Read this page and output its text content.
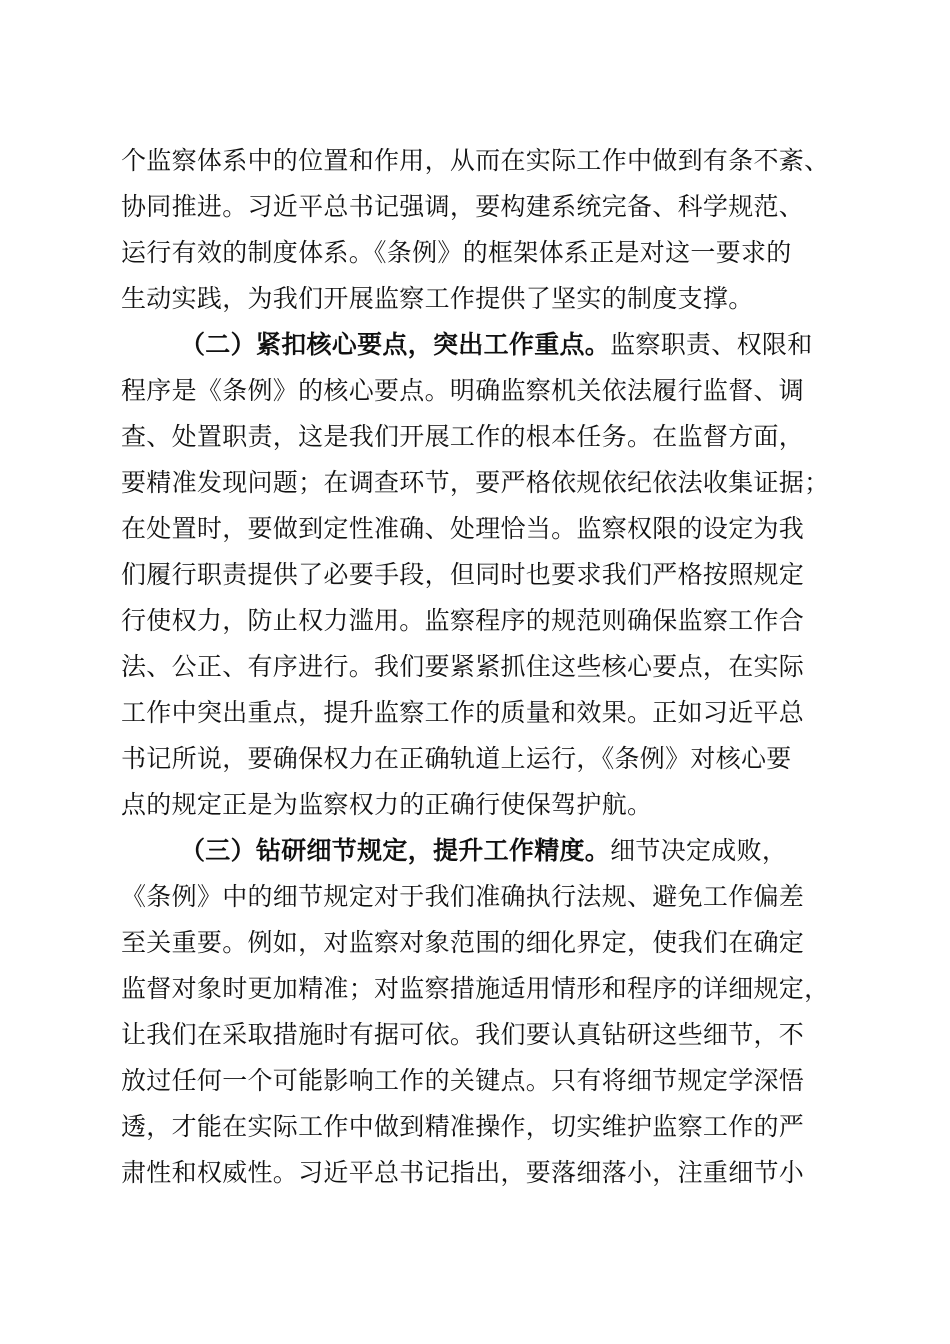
个监察体系中的位置和作用，从而在实际工作中做到有条不紊、
协同推进。习近平总书记强调，要构建系统完备、科学规范、
运行有效的制度体系。《条例》的框架体系正是对这一要求的
生动实践，为我们开展监察工作提供了坚实的制度支撑。
（二）紧扣核心要点，突出工作重点。监察职责、权限和
程序是《条例》的核心要点。明确监察机关依法履行监督、调
查、处置职责，这是我们开展工作的根本任务。在监督方面，
要精准发现问题；在调查环节，要严格依规依纪依法收集证据；
在处置时，要做到定性准确、处理恰当。监察权限的设定为我
们履行职责提供了必要手段，但同时也要求我们严格按照规定
行使权力，防止权力滥用。监察程序的规范则确保监察工作合
法、公正、有序进行。我们要紧紧抓住这些核心要点，在实际
工作中突出重点，提升监察工作的质量和效果。正如习近平总
书记所说，要确保权力在正确轨道上运行，《条例》对核心要
点的规定正是为监察权力的正确行使保驾护航。
（三）钻研细节规定，提升工作精度。细节决定成败，
《条例》中的细节规定对于我们准确执行法规、避免工作偏差
至关重要。例如，对监察对象范围的细化界定，使我们在确定
监督对象时更加精准；对监察措施适用情形和程序的详细规定，
让我们在采取措施时有据可依。我们要认真钻研这些细节，不
放过任何一个可能影响工作的关键点。只有将细节规定学深悟
透，才能在实际工作中做到精准操作，切实维护监察工作的严
肃性和权威性。习近平总书记指出，要落细落小，注重细节小
